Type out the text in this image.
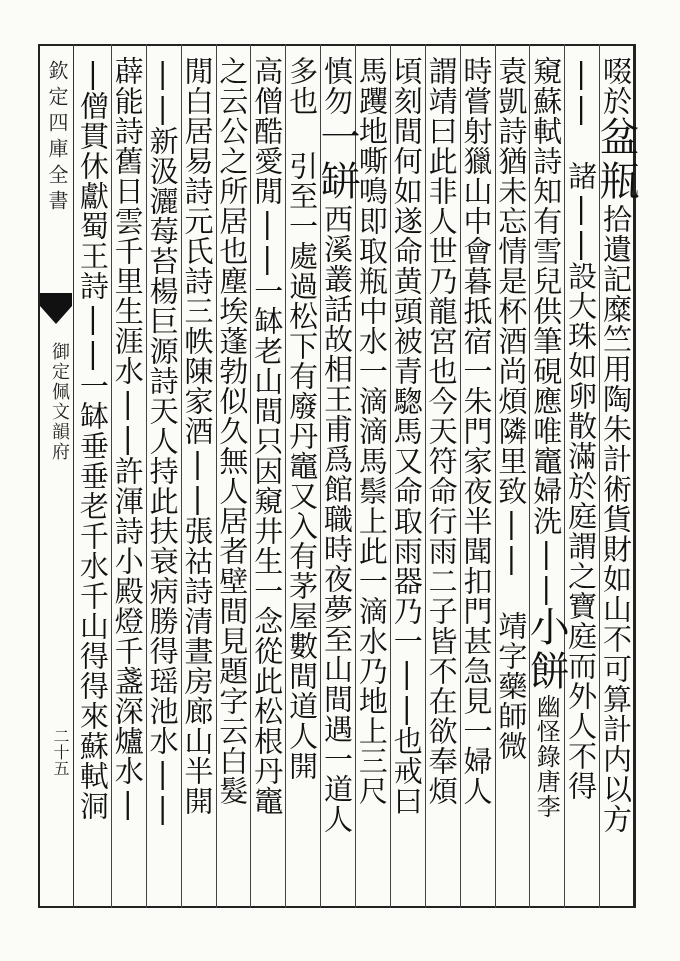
欽定四庫全書
御定佩文韻府
二十五
啜於盆瓶拾遺記糜竺用陶朱計術貨財如山不可算計内以方
|| 諸||設大珠如卵散滿於庭謂之寶庭而外人不得
窺蘇軾詩知有雪兒供筆硯應唯竈婦洗||小餅幽怪錄唐李
袁凱詩猶未忘情是杯酒尚煩隣里致|| 靖字藥師微
時嘗射獵山中會暮抵宿一朱門家夜半聞扣門甚急見一婦人
謂靖曰此非人世乃龍宮也今天符命行雨二子皆不在欲奉煩
頃刻間何如遂命黄頭被青騘馬又命取雨器乃一||也戒曰
馬躩地嘶鳴即取瓶中水一滴滴馬鬃上此一滴水乃地上三尺
慎勿一缾西溪叢話故相王甫爲館職時夜夢至山間遇一道人
多也 引至一處過松下有廢丹竈又入有茅屋數間道人開
高僧酷愛閒||一缽老山間只因窺井生一念從此松根丹竈
之云公之所居也塵埃蓬勃似久無人居者壁間見題字云白髮
閒白居易詩元氏詩三帙陳家酒||張祜詩清晝房廊山半開
||新汲灑莓苔楊巨源詩天人持此扶衰病勝得瑶池水||
薜能詩舊日雲千里生涯水||許渾詩小殿燈千盞深爐水|
|僧貫休獻蜀王詩||一缽垂垂老千水千山得得來蘇軾洞
